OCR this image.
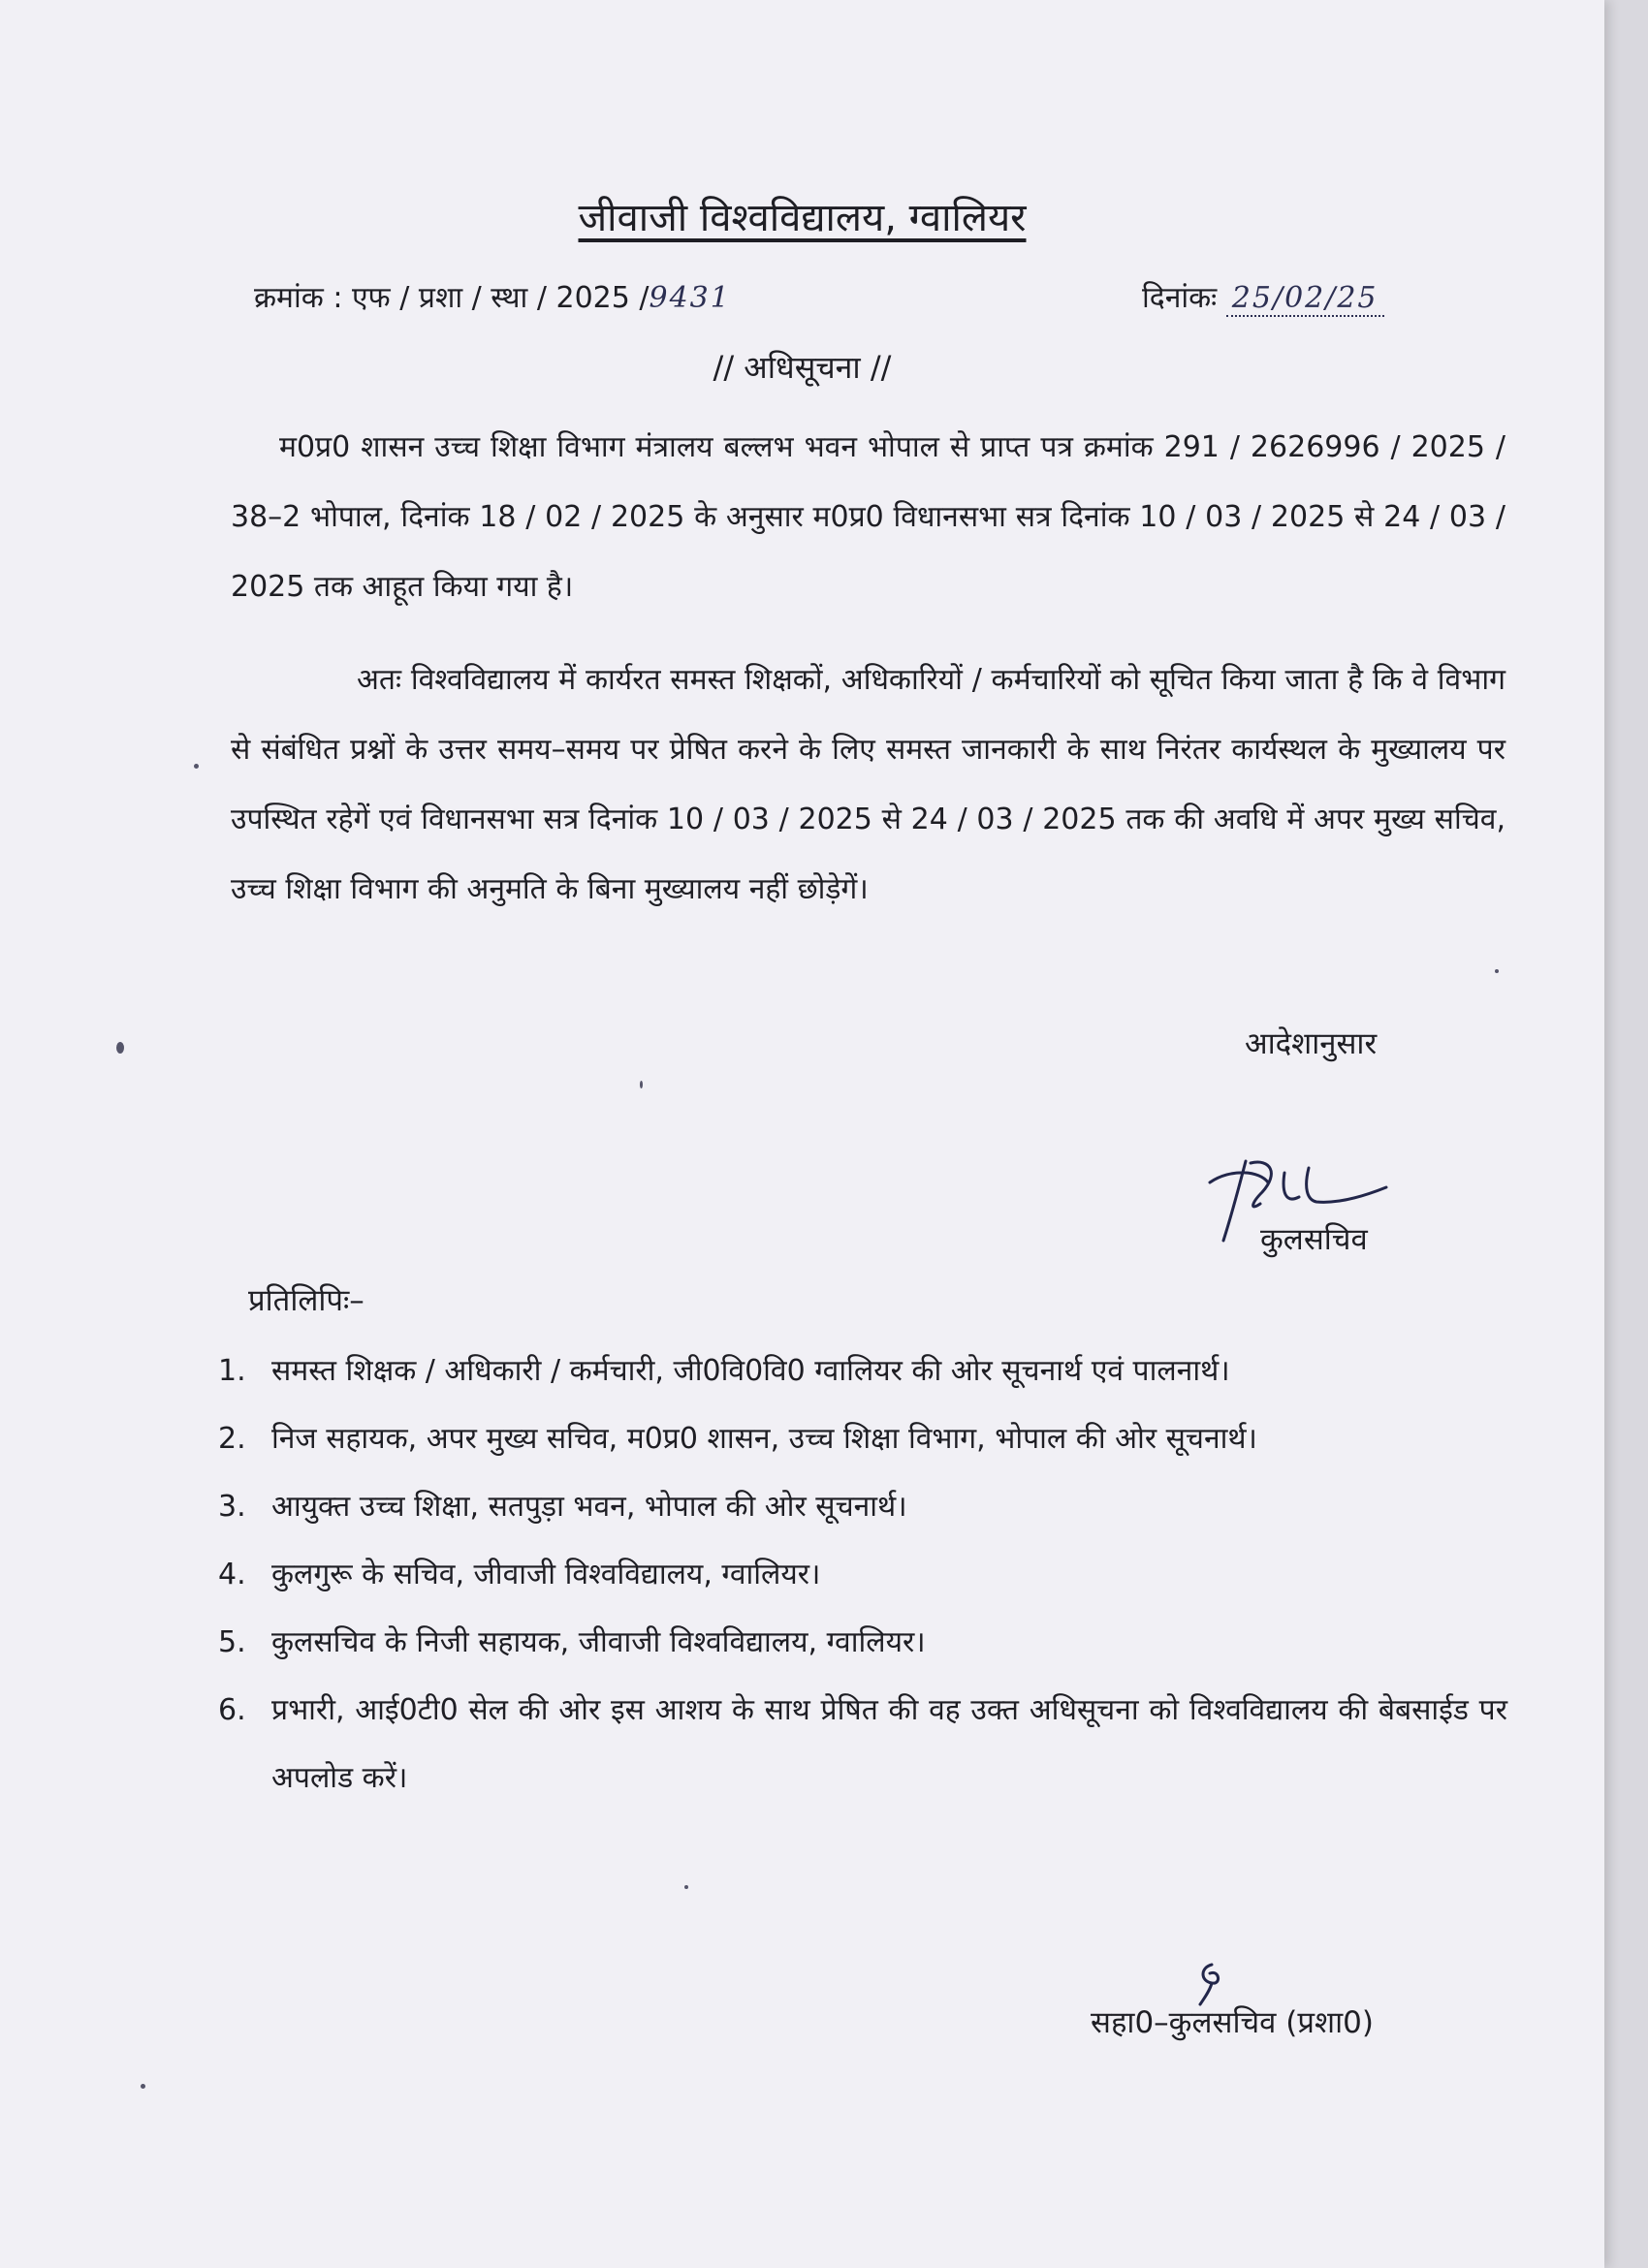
जीवाजी विश्वविद्यालय, ग्वालियर
क्रमांक : एफ / प्रशा / स्था / 2025 /9431	दिनांकः 25/02/25
// अधिसूचना //
म0प्र0 शासन उच्च शिक्षा विभाग मंत्रालय बल्लभ भवन भोपाल से प्राप्त पत्र क्रमांक 291 / 2626996 / 2025 / 38–2 भोपाल, दिनांक 18 / 02 / 2025 के अनुसार म0प्र0 विधानसभा सत्र दिनांक 10 / 03 / 2025 से 24 / 03 / 2025 तक आहूत किया गया है।
अतः विश्वविद्यालय में कार्यरत समस्त शिक्षकों, अधिकारियों / कर्मचारियों को सूचित किया जाता है कि वे विभाग से संबंधित प्रश्नों के उत्तर समय–समय पर प्रेषित करने के लिए समस्त जानकारी के साथ निरंतर कार्यस्थल के मुख्यालय पर उपस्थित रहेगें एवं विधानसभा सत्र दिनांक 10 / 03 / 2025 से 24 / 03 / 2025 तक की अवधि में अपर मुख्य सचिव, उच्च शिक्षा विभाग की अनुमति के बिना मुख्यालय नहीं छोड़ेगें।
आदेशानुसार
कुलसचिव
प्रतिलिपिः–
1. समस्त शिक्षक / अधिकारी / कर्मचारी, जी0वि0वि0 ग्वालियर की ओर सूचनार्थ एवं पालनार्थ।
2. निज सहायक, अपर मुख्य सचिव, म0प्र0 शासन, उच्च शिक्षा विभाग, भोपाल की ओर सूचनार्थ।
3. आयुक्त उच्च शिक्षा, सतपुड़ा भवन, भोपाल की ओर सूचनार्थ।
4. कुलगुरू के सचिव, जीवाजी विश्वविद्यालय, ग्वालियर।
5. कुलसचिव के निजी सहायक, जीवाजी विश्वविद्यालय, ग्वालियर।
6. प्रभारी, आई0टी0 सेल की ओर इस आशय के साथ प्रेषित की वह उक्त अधिसूचना को विश्वविद्यालय की बेबसाईड पर अपलोड करें।
सहा0–कुलसचिव (प्रशा0)
